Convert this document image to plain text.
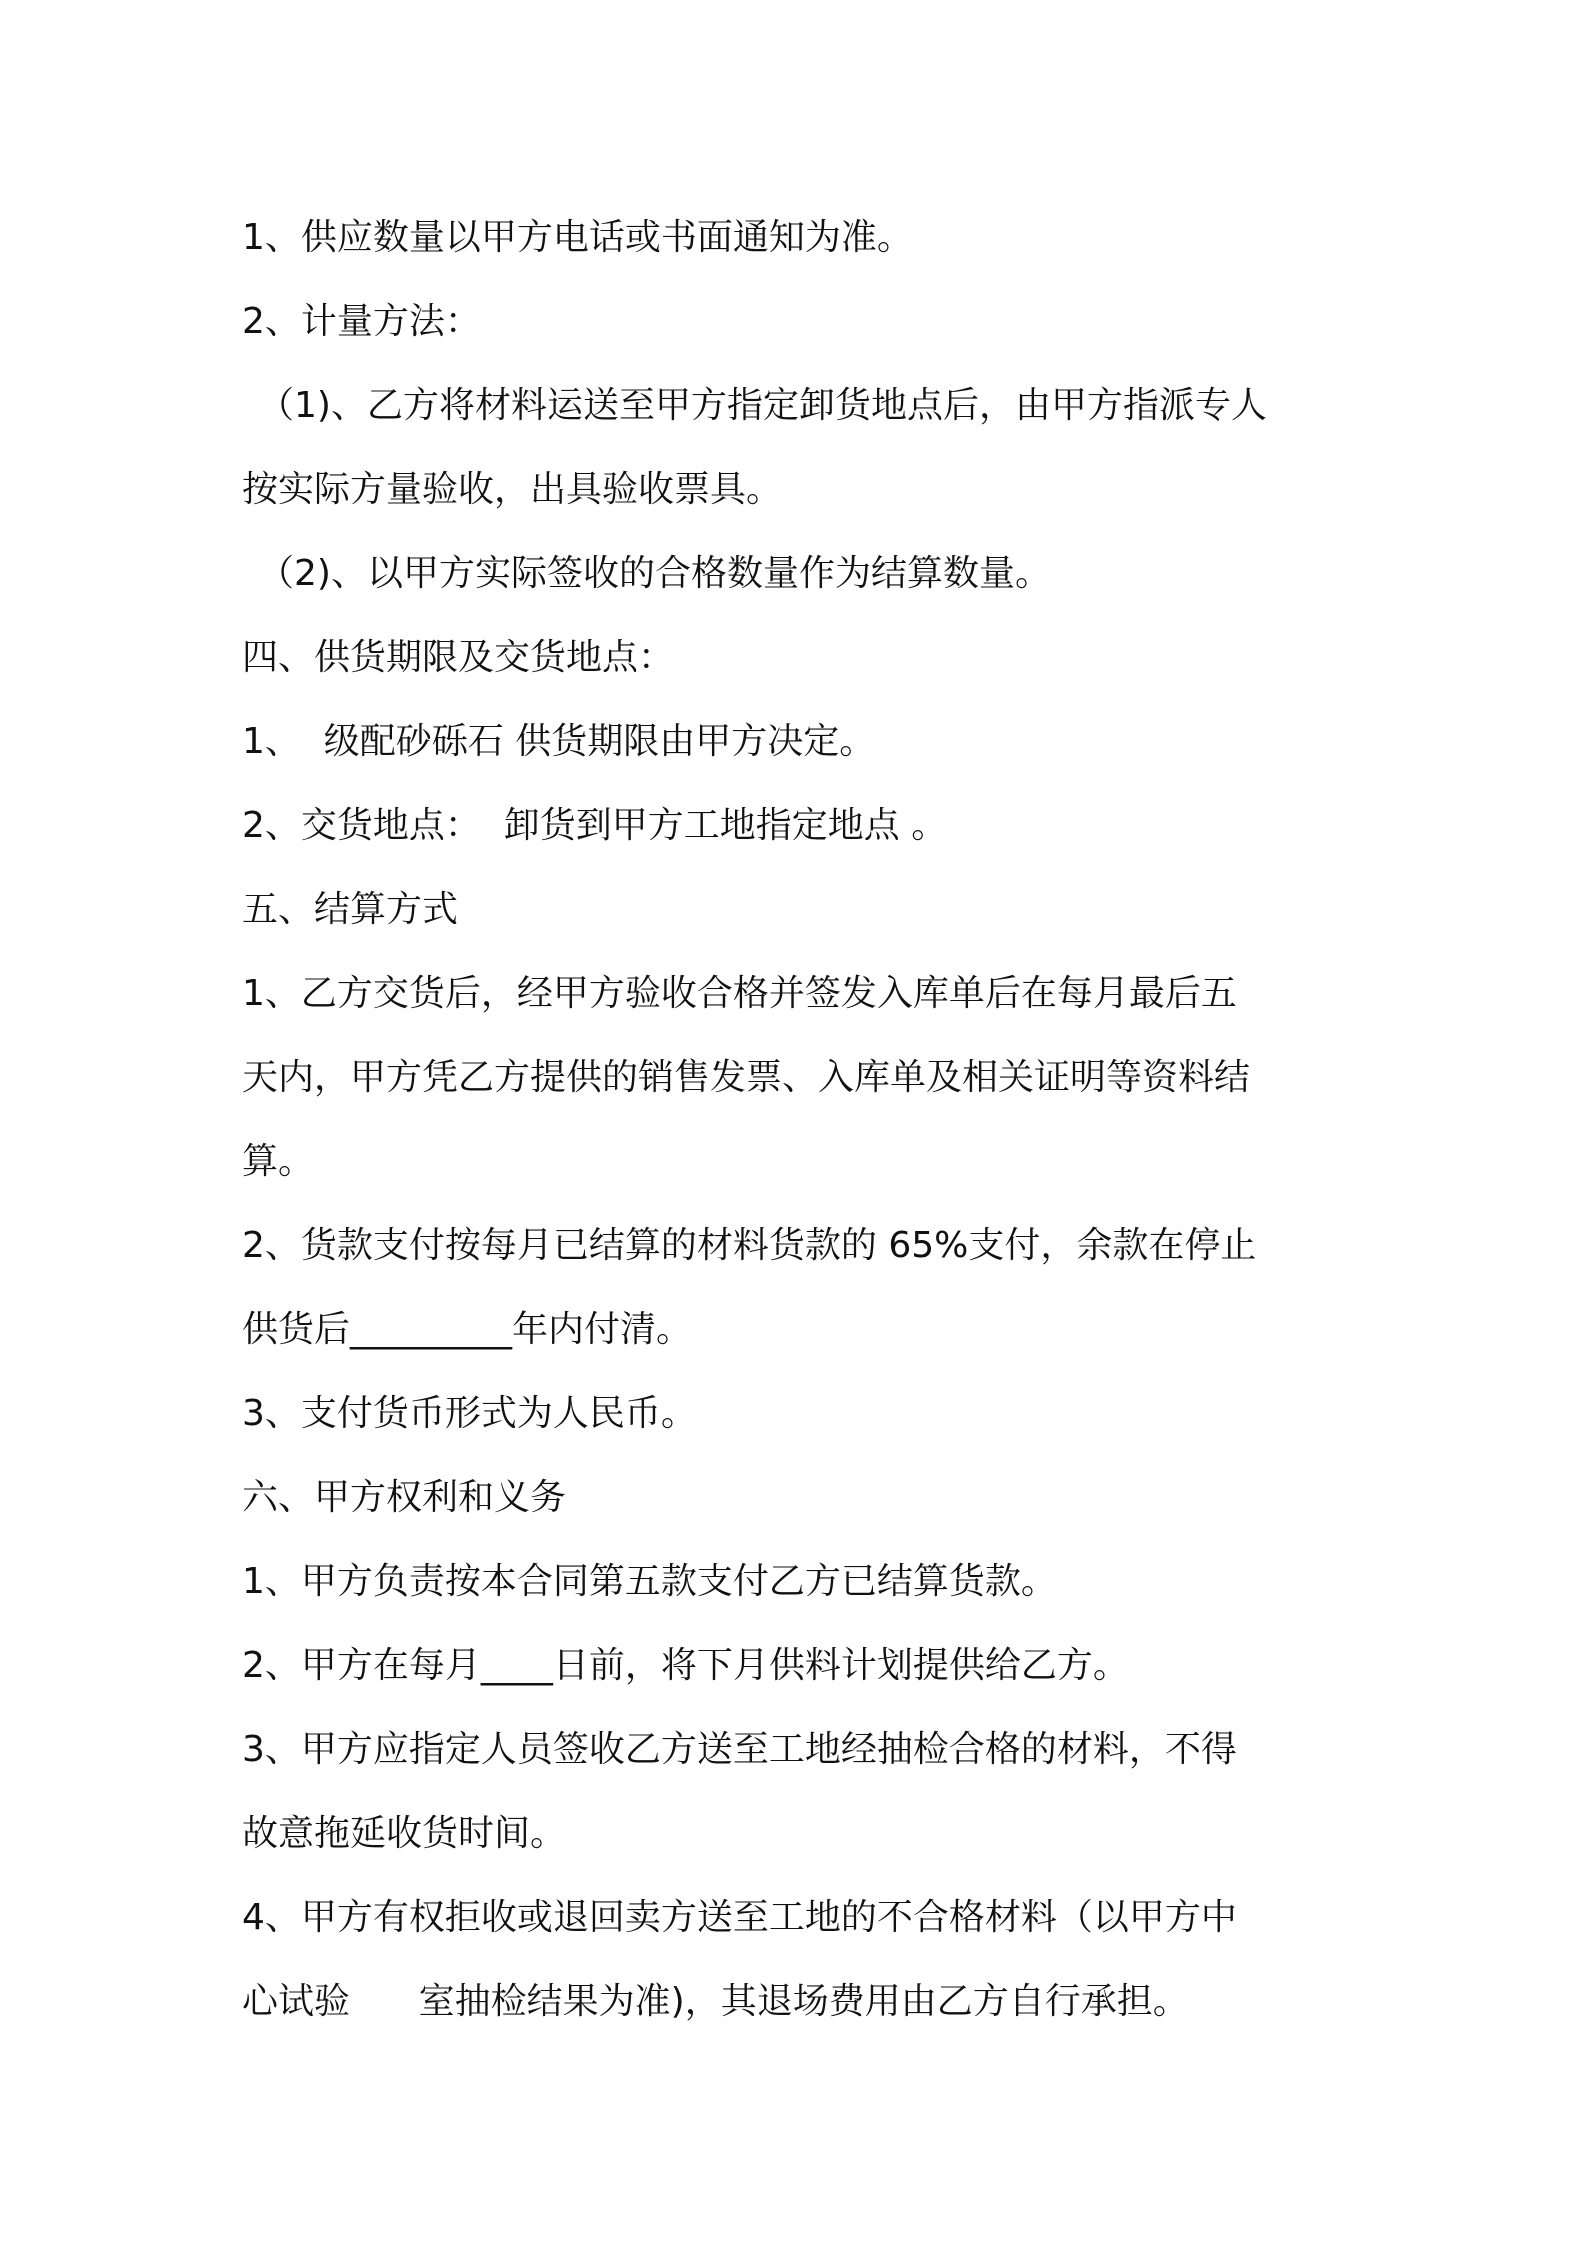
1、供应数量以甲方电话或书面通知为准。

2、计量方法：

（1)、乙方将材料运送至甲方指定卸货地点后，由甲方指派专人

按实际方量验收，出具验收票具。

（2)、以甲方实际签收的合格数量作为结算数量。

四、供货期限及交货地点：

1、  级配砂砾石 供货期限由甲方决定。

2、交货地点：  卸货到甲方工地指定地点 。

五、结算方式

1、乙方交货后，经甲方验收合格并签发入库单后在每月最后五

天内，甲方凭乙方提供的销售发票、入库单及相关证明等资料结

算。

2、货款支付按每月已结算的材料货款的 65%支付，余款在停止

供货后_________年内付清。

3、支付货币形式为人民币。

六、甲方权利和义务

1、甲方负责按本合同第五款支付乙方已结算货款。

2、甲方在每月____日前，将下月供料计划提供给乙方。

3、甲方应指定人员签收乙方送至工地经抽检合格的材料，不得

故意拖延收货时间。

4、甲方有权拒收或退回卖方送至工地的不合格材料（以甲方中

心试验      室抽检结果为准)，其退场费用由乙方自行承担。
